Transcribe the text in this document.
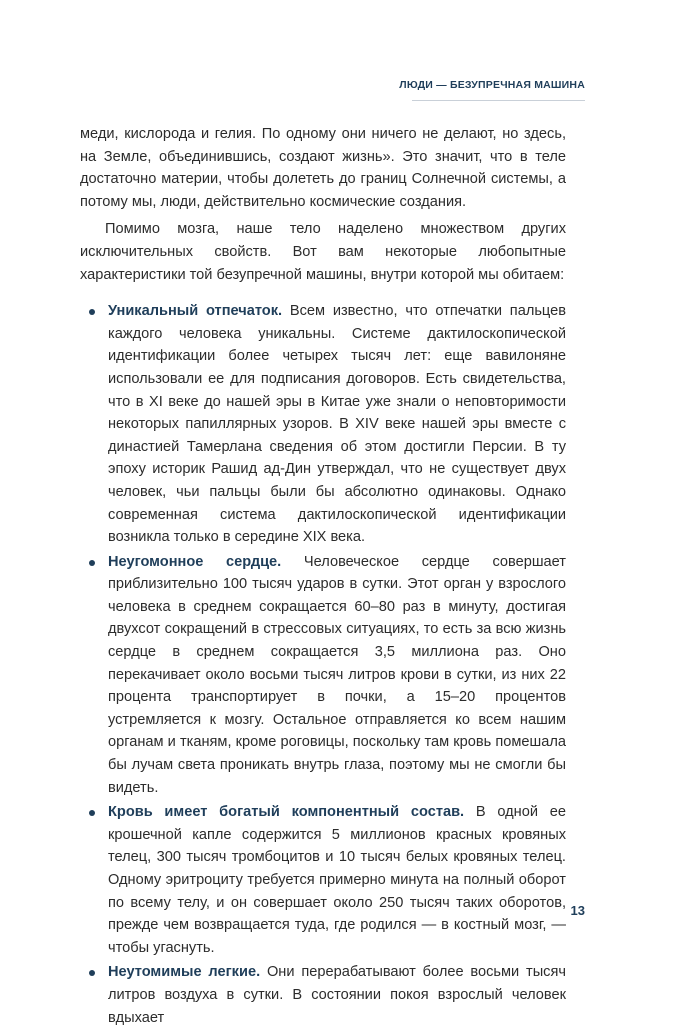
ЛЮДИ — БЕЗУПРЕЧНАЯ МАШИНА

меди, кислорода и гелия. По одному они ничего не делают, но здесь, на Земле, объединившись, создают жизнь». Это значит, что в теле достаточно материи, чтобы долететь до границ Солнечной системы, а потому мы, люди, действительно космические создания.

Помимо мозга, наше тело наделено множеством других исключительных свойств. Вот вам некоторые любопытные характеристики той безупречной машины, внутри которой мы обитаем:

Уникальный отпечаток. Всем известно, что отпечатки пальцев каждого человека уникальны. Системе дактилоскопической идентификации более четырех тысяч лет: еще вавилоняне использовали ее для подписания договоров. Есть свидетельства, что в XI веке до нашей эры в Китае уже знали о неповторимости некоторых папиллярных узоров. В XIV веке нашей эры вместе с династией Тамерлана сведения об этом достигли Персии. В ту эпоху историк Рашид ад-Дин утверждал, что не существует двух человек, чьи пальцы были бы абсолютно одинаковы. Однако современная система дактилоскопической идентификации возникла только в середине XIX века.
Неугомонное сердце. Человеческое сердце совершает приблизительно 100 тысяч ударов в сутки. Этот орган у взрослого человека в среднем сокращается 60–80 раз в минуту, достигая двухсот сокращений в стрессовых ситуациях, то есть за всю жизнь сердце в среднем сокращается 3,5 миллиона раз. Оно перекачивает около восьми тысяч литров крови в сутки, из них 22 процента транспортирует в почки, а 15–20 процентов устремляется к мозгу. Остальное отправляется ко всем нашим органам и тканям, кроме роговицы, поскольку там кровь помешала бы лучам света проникать внутрь глаза, поэтому мы не смогли бы видеть.
Кровь имеет богатый компонентный состав. В одной ее крошечной капле содержится 5 миллионов красных кровяных телец, 300 тысяч тромбоцитов и 10 тысяч белых кровяных телец. Одному эритроциту требуется примерно минута на полный оборот по всему телу, и он совершает около 250 тысяч таких оборотов, прежде чем возвращается туда, где родился — в костный мозг, — чтобы угаснуть.
Неутомимые легкие. Они перерабатывают более восьми тысяч литров воздуха в сутки. В состоянии покоя взрослый человек вдыхает
13
